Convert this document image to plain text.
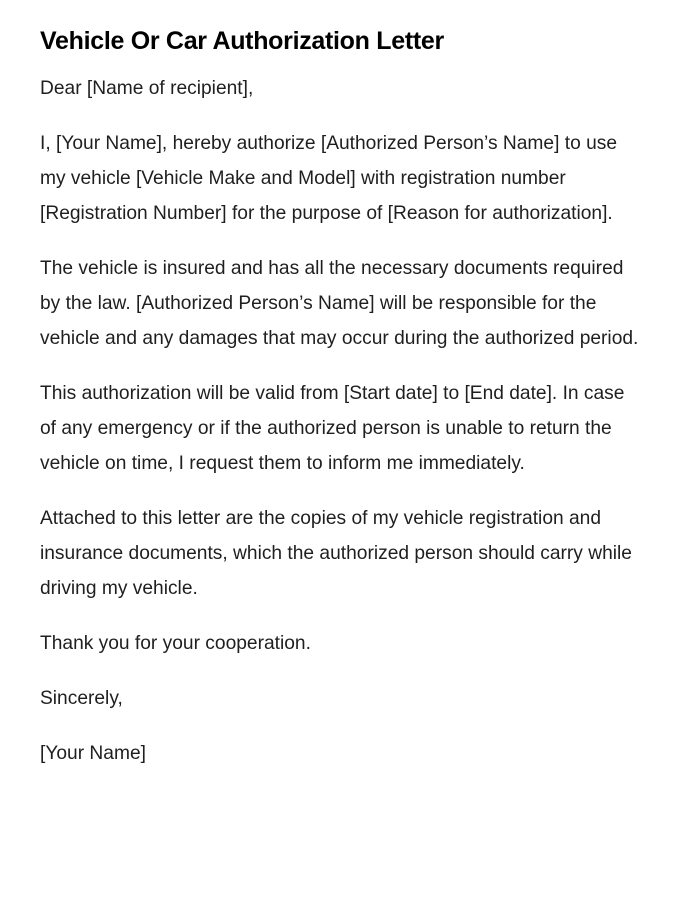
Vehicle Or Car Authorization Letter

Dear [Name of recipient],

I, [Your Name], hereby authorize [Authorized Person’s Name] to use my vehicle [Vehicle Make and Model] with registration number [Registration Number] for the purpose of [Reason for authorization].

The vehicle is insured and has all the necessary documents required by the law. [Authorized Person’s Name] will be responsible for the vehicle and any damages that may occur during the authorized period.

This authorization will be valid from [Start date] to [End date]. In case of any emergency or if the authorized person is unable to return the vehicle on time, I request them to inform me immediately.

Attached to this letter are the copies of my vehicle registration and insurance documents, which the authorized person should carry while driving my vehicle.

Thank you for your cooperation.

Sincerely,

[Your Name]
